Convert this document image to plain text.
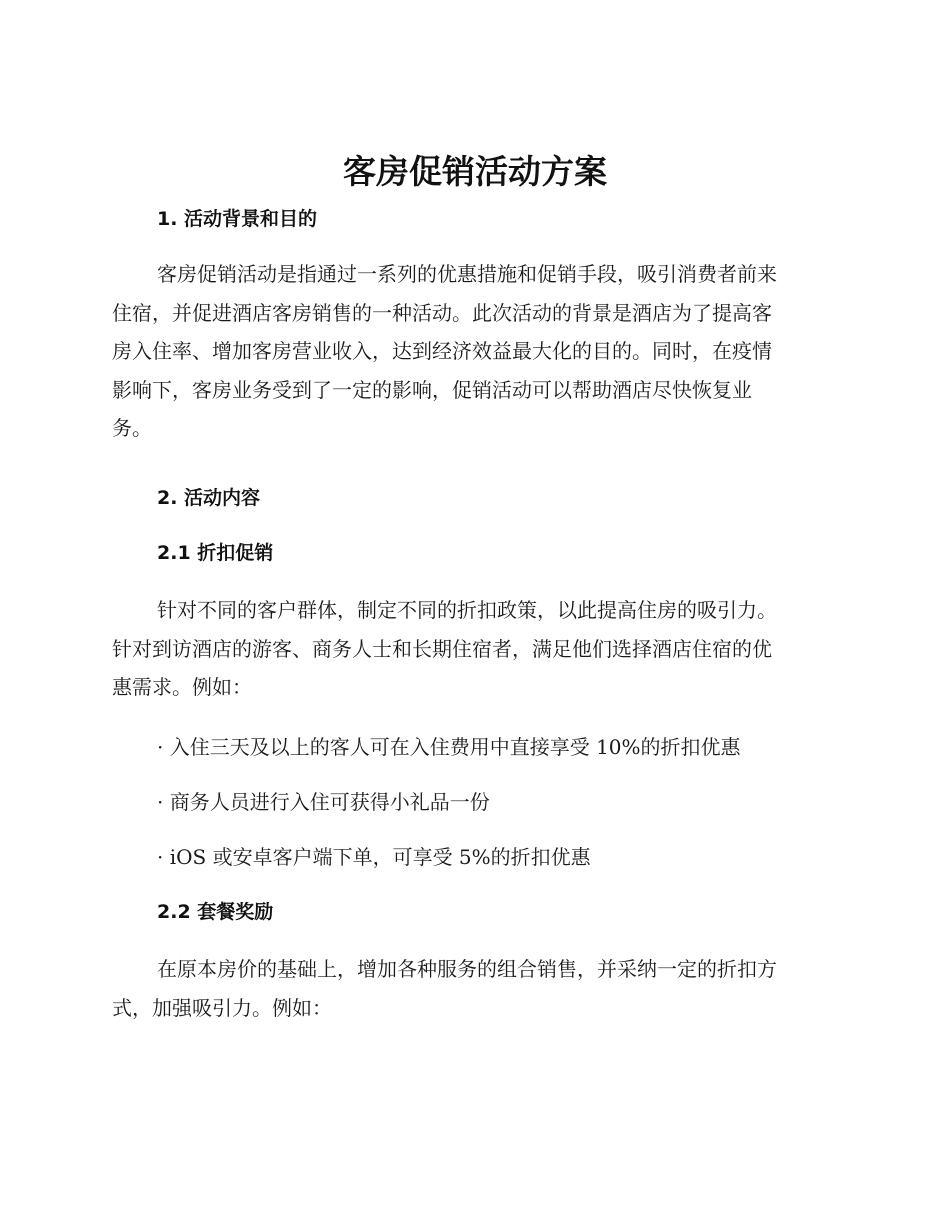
客房促销活动方案
1. 活动背景和目的
客房促销活动是指通过一系列的优惠措施和促销手段，吸引消费者前来
住宿，并促进酒店客房销售的一种活动。此次活动的背景是酒店为了提高客
房入住率、增加客房营业收入，达到经济效益最大化的目的。同时，在疫情
影响下，客房业务受到了一定的影响，促销活动可以帮助酒店尽快恢复业
务。
2. 活动内容
2.1 折扣促销
针对不同的客户群体，制定不同的折扣政策，以此提高住房的吸引力。
针对到访酒店的游客、商务人士和长期住宿者，满足他们选择酒店住宿的优
惠需求。例如：
· 入住三天及以上的客人可在入住费用中直接享受 10%的折扣优惠
· 商务人员进行入住可获得小礼品一份
· iOS 或安卓客户端下单，可享受 5%的折扣优惠
2.2 套餐奖励
在原本房价的基础上，增加各种服务的组合销售，并采纳一定的折扣方
式，加强吸引力。例如：
